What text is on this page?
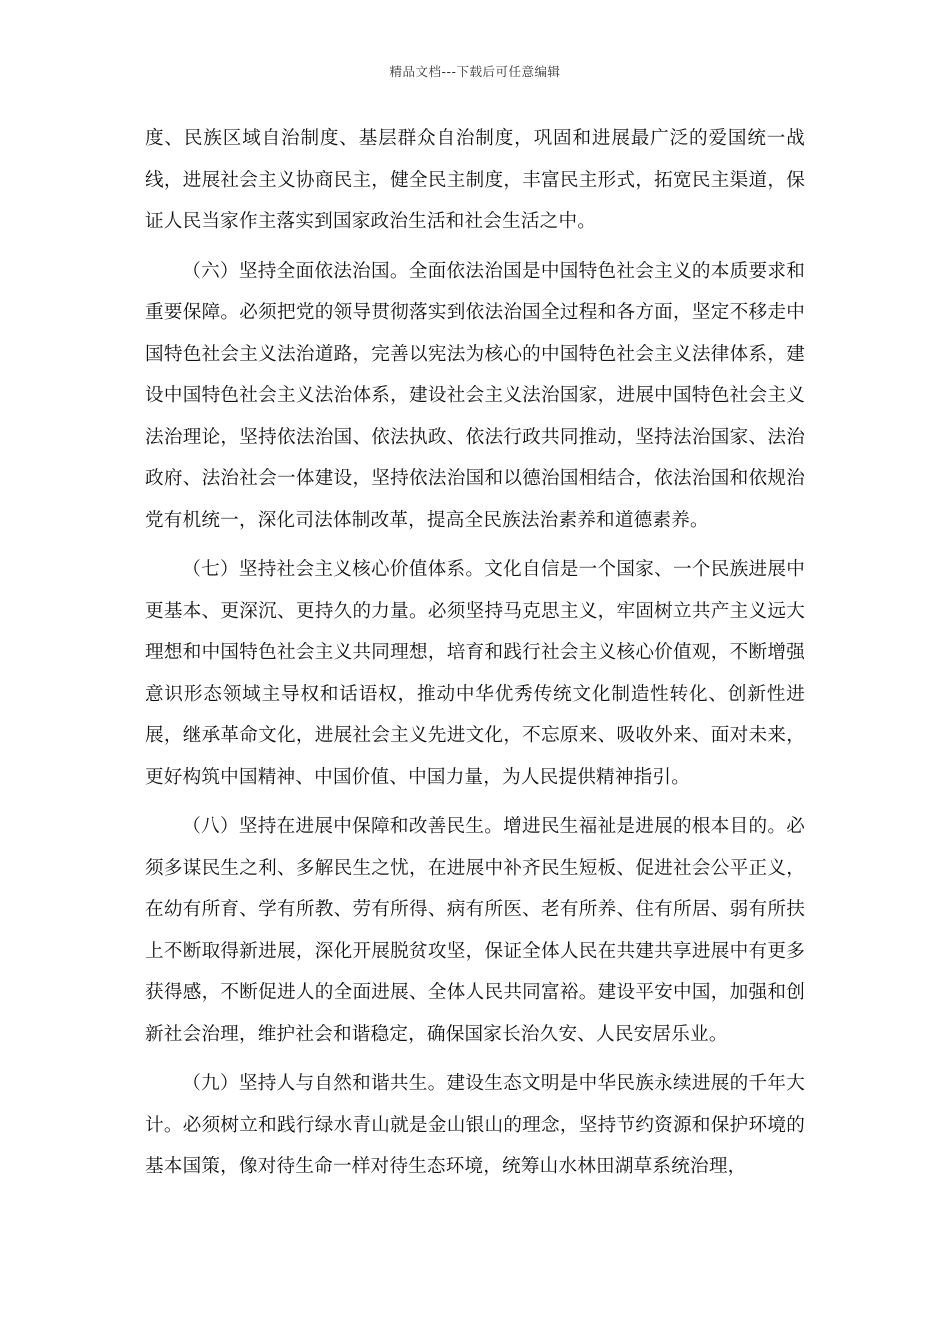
精品文档---下载后可任意编辑

度、民族区域自治制度、基层群众自治制度，巩固和进展最广泛的爱国统一战线，进展社会主义协商民主，健全民主制度，丰富民主形式，拓宽民主渠道，保证人民当家作主落实到国家政治生活和社会生活之中。

（六）坚持全面依法治国。全面依法治国是中国特色社会主义的本质要求和重要保障。必须把党的领导贯彻落实到依法治国全过程和各方面，坚定不移走中国特色社会主义法治道路，完善以宪法为核心的中国特色社会主义法律体系，建设中国特色社会主义法治体系，建设社会主义法治国家，进展中国特色社会主义法治理论，坚持依法治国、依法执政、依法行政共同推动，坚持法治国家、法治政府、法治社会一体建设，坚持依法治国和以德治国相结合，依法治国和依规治党有机统一，深化司法体制改革，提高全民族法治素养和道德素养。

（七）坚持社会主义核心价值体系。文化自信是一个国家、一个民族进展中更基本、更深沉、更持久的力量。必须坚持马克思主义，牢固树立共产主义远大理想和中国特色社会主义共同理想，培育和践行社会主义核心价值观，不断增强意识形态领域主导权和话语权，推动中华优秀传统文化制造性转化、创新性进展，继承革命文化，进展社会主义先进文化，不忘原来、吸收外来、面对未来，更好构筑中国精神、中国价值、中国力量，为人民提供精神指引。

（八）坚持在进展中保障和改善民生。增进民生福祉是进展的根本目的。必须多谋民生之利、多解民生之忧，在进展中补齐民生短板、促进社会公平正义，在幼有所育、学有所教、劳有所得、病有所医、老有所养、住有所居、弱有所扶上不断取得新进展，深化开展脱贫攻坚，保证全体人民在共建共享进展中有更多获得感，不断促进人的全面进展、全体人民共同富裕。建设平安中国，加强和创新社会治理，维护社会和谐稳定，确保国家长治久安、人民安居乐业。

（九）坚持人与自然和谐共生。建设生态文明是中华民族永续进展的千年大计。必须树立和践行绿水青山就是金山银山的理念，坚持节约资源和保护环境的基本国策，像对待生命一样对待生态环境，统筹山水林田湖草系统治理，
